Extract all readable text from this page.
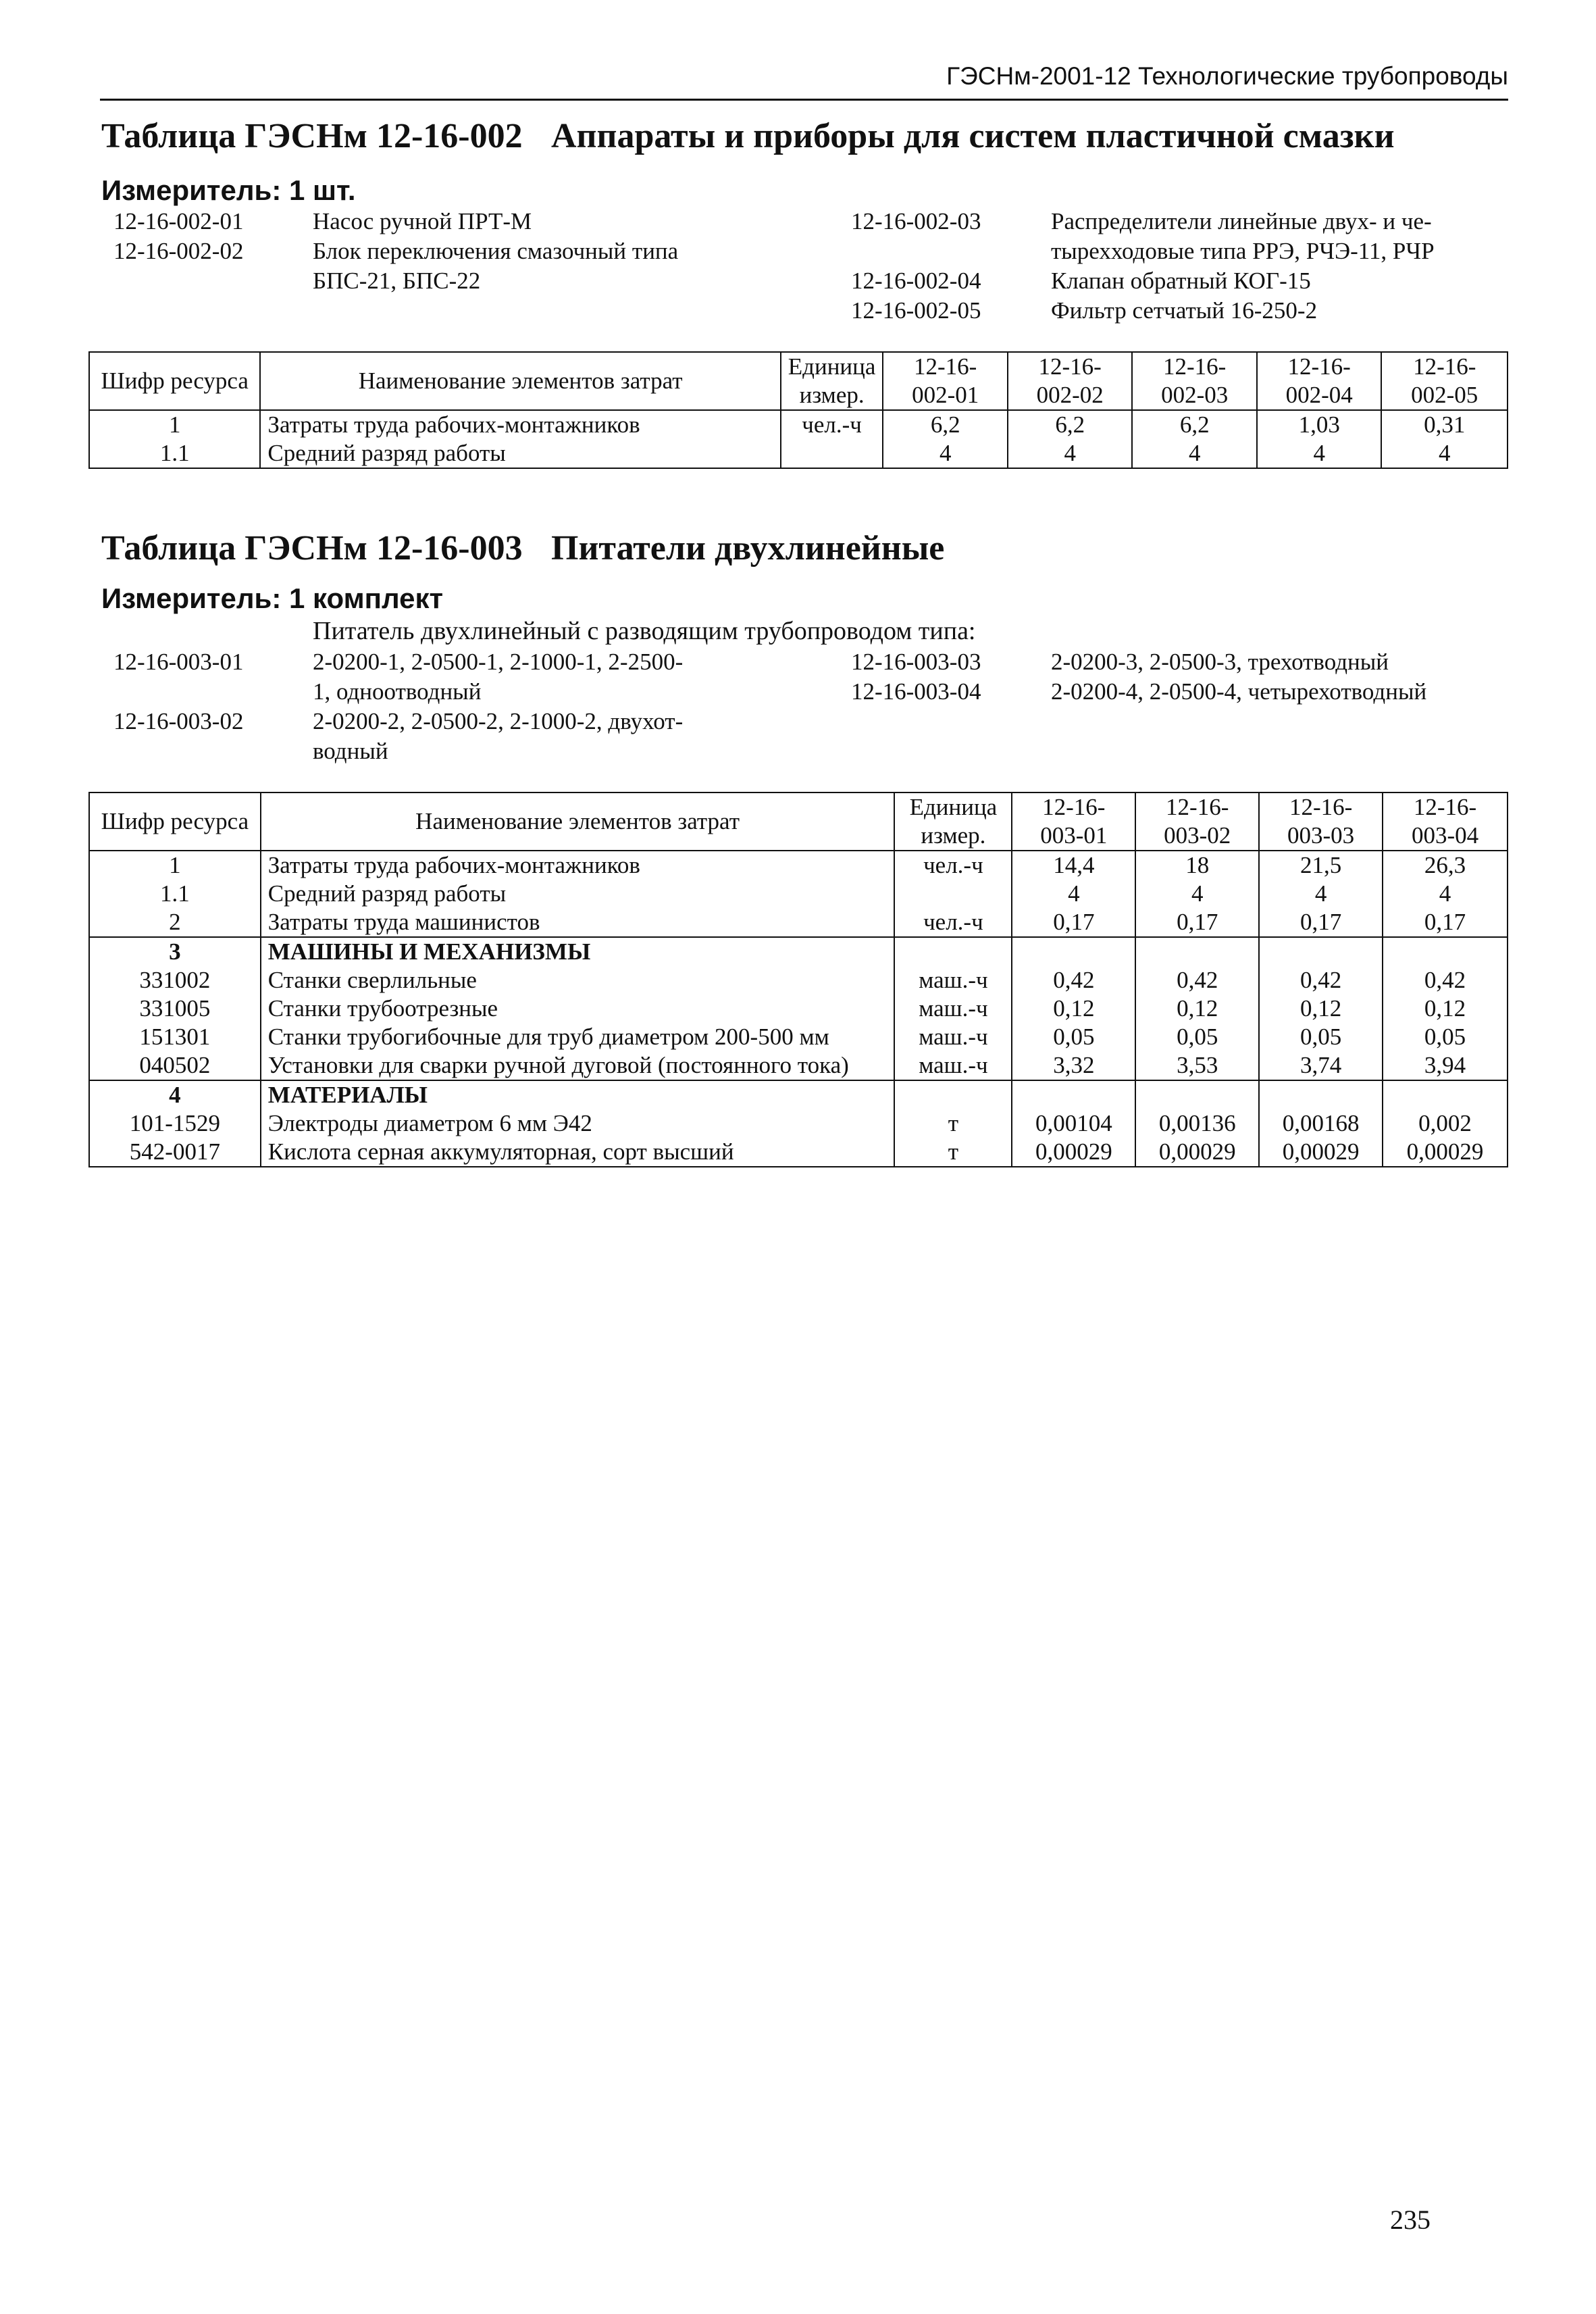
ГЭСНм-2001-12 Технологические трубопроводы
Таблица ГЭСНм 12-16-002 Аппараты и приборы для систем пластичной смазки
Измеритель: 1 шт.
12-16-002-01	Насос ручной ПРТ-М
12-16-002-02	Блок переключения смазочный типа
БПС-21, БПС-22
12-16-002-03	Распределители линейные двух- и че-
тырехходовые типа РРЭ, РЧЭ-11, РЧР
12-16-002-04	Клапан обратный КОГ-15
12-16-002-05	Фильтр сетчатый 16-250-2
Шифр ресурса	Наименование элементов затрат	Единица измер.	12-16- 002-01	12-16- 002-02	12-16- 002-03	12-16- 002-04	12-16- 002-05
1	Затраты труда рабочих-монтажников	чел.-ч	6,2	6,2	6,2	1,03	0,31
1.1	Средний разряд работы		4	4	4	4	4
Таблица ГЭСНм 12-16-003 Питатели двухлинейные
Измеритель: 1 комплект
Питатель двухлинейный с разводящим трубопроводом типа:
12-16-003-01	2-0200-1, 2-0500-1, 2-1000-1, 2-2500-
1, одноотводный
12-16-003-02	2-0200-2, 2-0500-2, 2-1000-2, двухот-
водный
12-16-003-03	2-0200-3, 2-0500-3, трехотводный
12-16-003-04	2-0200-4, 2-0500-4, четырехотводный
Шифр ресурса	Наименование элементов затрат	Единица измер.	12-16- 003-01	12-16- 003-02	12-16- 003-03	12-16- 003-04
1	Затраты труда рабочих-монтажников	чел.-ч	14,4	18	21,5	26,3
1.1	Средний разряд работы		4	4	4	4
2	Затраты труда машинистов	чел.-ч	0,17	0,17	0,17	0,17
3	МАШИНЫ И МЕХАНИЗМЫ					
331002	Станки сверлильные	маш.-ч	0,42	0,42	0,42	0,42
331005	Станки трубоотрезные	маш.-ч	0,12	0,12	0,12	0,12
151301	Станки трубогибочные для труб диаметром 200-500 мм	маш.-ч	0,05	0,05	0,05	0,05
040502	Установки для сварки ручной дуговой (постоянного тока)	маш.-ч	3,32	3,53	3,74	3,94
4	МАТЕРИАЛЫ					
101-1529	Электроды диаметром 6 мм Э42	т	0,00104	0,00136	0,00168	0,002
542-0017	Кислота серная аккумуляторная, сорт высший	т	0,00029	0,00029	0,00029	0,00029
235
